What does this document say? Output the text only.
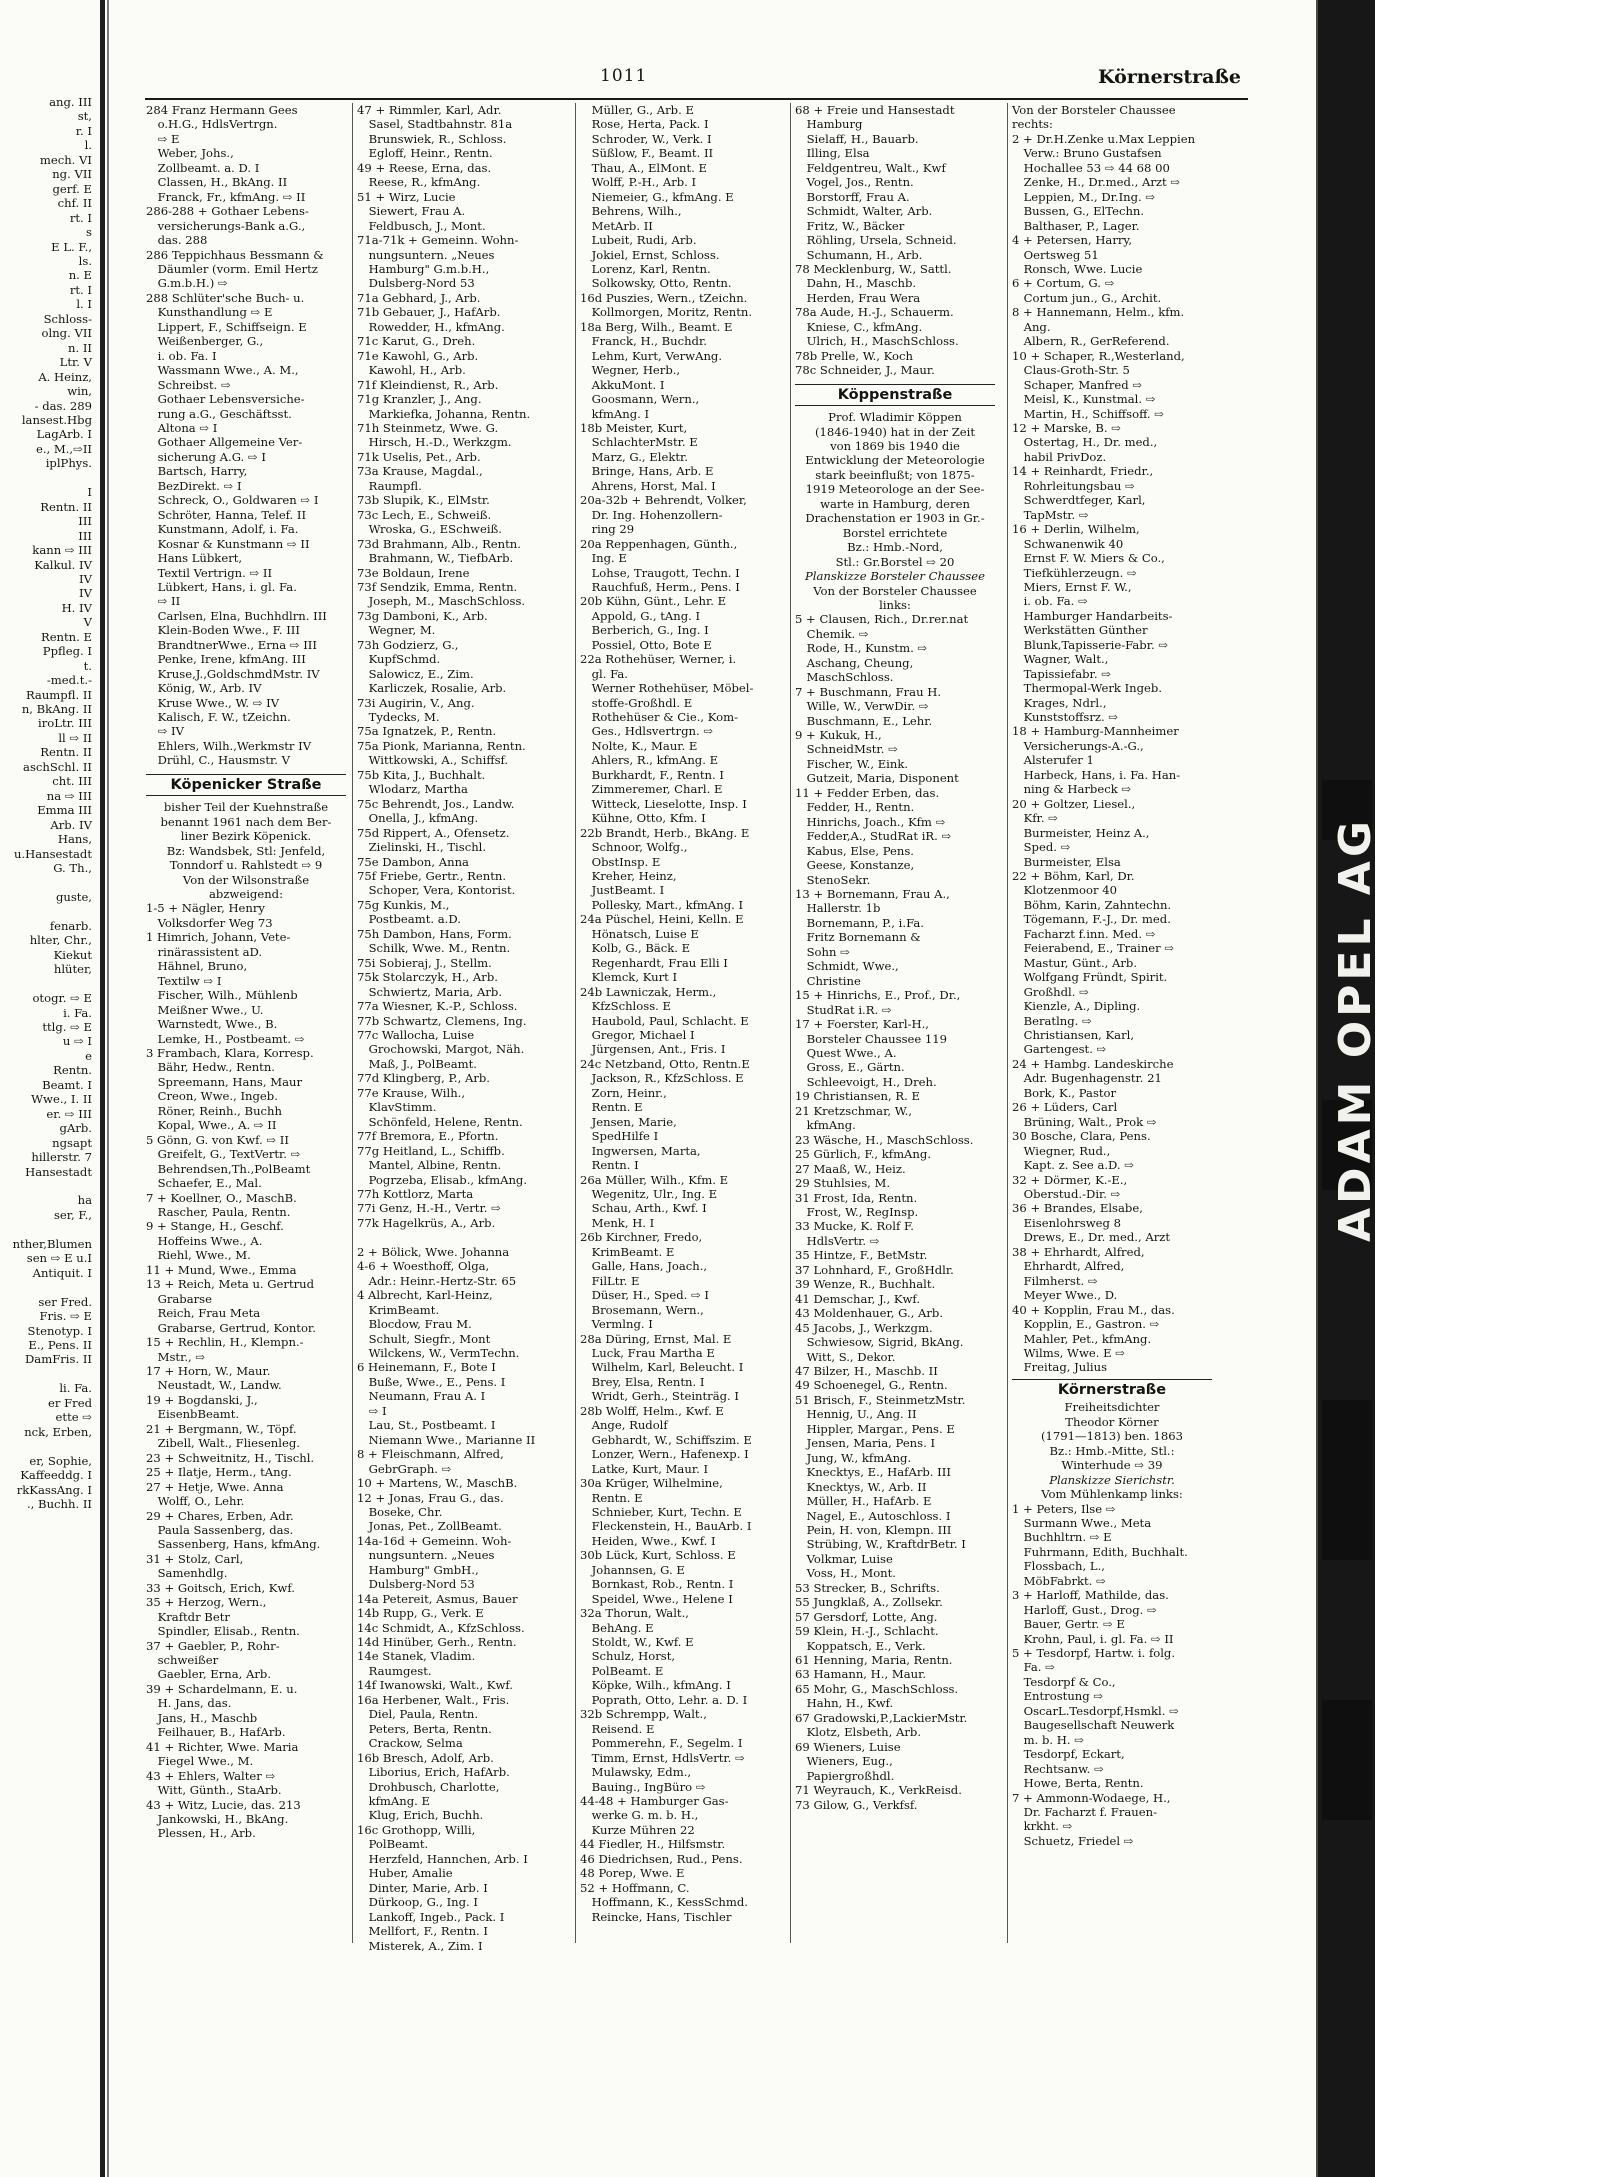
ang. III
st,
r. I
l.
mech. VI
ng. VII
gerf. E
chf. II
rt. I
s
E L. F.,
ls.
n. E
rt. I
l. I
Schloss-
olng. VII
n. II
Ltr. V
A. Heinz,
win,
- das. 289
lansest.Hbg
LagArb. I
e., M.,⇨II
iplPhys.

I
Rentn. II
III
III
kann ⇨ III
Kalkul. IV
IV
IV
H. IV
V
Rentn. E
Ppfleg. I
t.
-med.t.-
Raumpfl. II
n, BkAng. II
iroLtr. III
ll ⇨ II
Rentn. II
aschSchl. II
cht. III
na ⇨ III
Emma III
Arb. IV
Hans,
u.Hansestadt
G. Th.,

guste,

fenarb.
hlter, Chr.,
Kiekut
hlüter,

otogr. ⇨ E
i. Fa.
ttlg. ⇨ E
u ⇨ I
e
Rentn.
Beamt. I
Wwe., I. II
er. ⇨ III
gArb.
ngsapt
hillerstr. 7
Hansestadt

ha
ser, F.,

nther,Blumen
sen ⇨ E u.I
Antiquit. I

ser Fred.
Fris. ⇨ E
Stenotyp. I
E., Pens. II
DamFris. II

li. Fa.
er Fred
ette ⇨
nck, Erben,

er, Sophie,
Kaffeeddg. I
rkKassAng. I
., Buchh. II
1011	Körnerstraße
284 Franz Hermann Gees
 o.H.G., HdlsVertrgn.
 ⇨ E
 Weber, Johs.,
 Zollbeamt. a. D. I
 Classen, H., BkAng. II
 Franck, Fr., kfmAng. ⇨ II
286-288 + Gothaer Lebens-
 versicherungs-Bank a.G.,
 das. 288
286 Teppichhaus Bessmann &
 Däumler (vorm. Emil Hertz
 G.m.b.H.) ⇨
288 Schlüter'sche Buch- u.
 Kunsthandlung ⇨ E
 Lippert, F., Schiffseign. E
 Weißenberger, G.,
 i. ob. Fa. I
 Wassmann Wwe., A. M.,
 Schreibst. ⇨
 Gothaer Lebensversiche-
 rung a.G., Geschäftsst.
 Altona ⇨ I
 Gothaer Allgemeine Ver-
 sicherung A.G. ⇨ I
 Bartsch, Harry,
 BezDirekt. ⇨ I
 Schreck, O., Goldwaren ⇨ I
 Schröter, Hanna, Telef. II
 Kunstmann, Adolf, i. Fa.
 Kosnar & Kunstmann ⇨ II
 Hans Lübkert,
 Textil Vertrign. ⇨ II
 Lübkert, Hans, i. gl. Fa.
 ⇨ II
 Carlsen, Elna, Buchhdlrn. III
 Klein-Boden Wwe., F. III
 BrandtnerWwe., Erna ⇨ III
 Penke, Irene, kfmAng. III
 Kruse,J.,GoldschmdMstr. IV
 König, W., Arb. IV
 Kruse Wwe., W. ⇨ IV
 Kalisch, F. W., tZeichn.
 ⇨ IV
 Ehlers, Wilh.,Werkmstr IV
 Drühl, C., Hausmstr. V
Köpenicker Straße
bisher Teil der Kuehnstraße
benannt 1961 nach dem Ber-
liner Bezirk Köpenick.
Bz: Wandsbek, Stl: Jenfeld,
Tonndorf u. Rahlstedt ⇨ 9
Von der Wilsonstraße
abzweigend:
1-5 + Nägler, Henry
 Volksdorfer Weg 73
1 Himrich, Johann, Vete-
 rinärassistent aD.
 Hähnel, Bruno,
 Textilw ⇨ I
 Fischer, Wilh., Mühlenb
 Meißner Wwe., U.
 Warnstedt, Wwe., B.
 Lemke, H., Postbeamt. ⇨
3 Frambach, Klara, Korresp.
 Bähr, Hedw., Rentn.
 Spreemann, Hans, Maur
 Creon, Wwe., Ingeb.
 Röner, Reinh., Buchh
 Kopal, Wwe., A. ⇨ II
5 Gönn, G. von Kwf. ⇨ II
 Greifelt, G., TextVertr. ⇨
 Behrendsen,Th.,PolBeamt
 Schaefer, E., Mal.
7 + Koellner, O., MaschB.
 Rascher, Paula, Rentn.
9 + Stange, H., Geschf.
 Hoffeins Wwe., A.
 Riehl, Wwe., M.
11 + Mund, Wwe., Emma
13 + Reich, Meta u. Gertrud
 Grabarse
 Reich, Frau Meta
 Grabarse, Gertrud, Kontor.
15 + Rechlin, H., Klempn.-
 Mstr., ⇨
17 + Horn, W., Maur.
 Neustadt, W., Landw.
19 + Bogdanski, J.,
 EisenbBeamt.
21 + Bergmann, W., Töpf.
 Zibell, Walt., Fliesenleg.
23 + Schweitnitz, H., Tischl.
25 + Ilatje, Herm., tAng.
27 + Hetje, Wwe. Anna
 Wolff, O., Lehr.
29 + Chares, Erben, Adr.
 Paula Sassenberg, das.
 Sassenberg, Hans, kfmAng.
31 + Stolz, Carl,
 Samenhdlg.
33 + Goitsch, Erich, Kwf.
35 + Herzog, Wern.,
 Kraftdr Betr
 Spindler, Elisab., Rentn.
37 + Gaebler, P., Rohr-
 schweißer
 Gaebler, Erna, Arb.
39 + Schardelmann, E. u.
 H. Jans, das.
 Jans, H., Maschb
 Feilhauer, B., HafArb.
41 + Richter, Wwe. Maria
 Fiegel Wwe., M.
43 + Ehlers, Walter ⇨
 Witt, Günth., StaArb.
43 + Witz, Lucie, das. 213
 Jankowski, H., BkAng.
 Plessen, H., Arb.
47 + Rimmler, Karl, Adr.
 Sasel, Stadtbahnstr. 81a
 Brunswiek, R., Schloss.
 Egloff, Heinr., Rentn.
49 + Reese, Erna, das.
 Reese, R., kfmAng.
51 + Wirz, Lucie
 Siewert, Frau A.
 Feldbusch, J., Mont.
71a-71k + Gemeinn. Wohn-
 nungsuntern. „Neues
 Hamburg" G.m.b.H.,
 Dulsberg-Nord 53
71a Gebhard, J., Arb.
71b Gebauer, J., HafArb.
 Rowedder, H., kfmAng.
71c Karut, G., Dreh.
71e Kawohl, G., Arb.
 Kawohl, H., Arb.
71f Kleindienst, R., Arb.
71g Kranzler, J., Ang.
 Markiefka, Johanna, Rentn.
71h Steinmetz, Wwe. G.
 Hirsch, H.-D., Werkzgm.
71k Uselis, Pet., Arb.
73a Krause, Magdal.,
 Raumpfl.
73b Slupik, K., ElMstr.
73c Lech, E., Schweiß.
 Wroska, G., ESchweiß.
73d Brahmann, Alb., Rentn.
 Brahmann, W., TiefbArb.
73e Boldaun, Irene
73f Sendzik, Emma, Rentn.
 Joseph, M., MaschSchloss.
73g Damboni, K., Arb.
 Wegner, M.
73h Godzierz, G.,
 KupfSchmd.
 Salowicz, E., Zim.
 Karliczek, Rosalie, Arb.
73i Augirin, V., Ang.
 Tydecks, M.
75a Ignatzek, P., Rentn.
75a Pionk, Marianna, Rentn.
 Wittkowski, A., Schiffsf.
75b Kita, J., Buchhalt.
 Wlodarz, Martha
75c Behrendt, Jos., Landw.
 Onella, J., kfmAng.
75d Rippert, A., Ofensetz.
 Zielinski, H., Tischl.
75e Dambon, Anna
75f Friebe, Gertr., Rentn.
 Schoper, Vera, Kontorist.
75g Kunkis, M.,
 Postbeamt. a.D.
75h Dambon, Hans, Form.
 Schilk, Wwe. M., Rentn.
75i Sobieraj, J., Stellm.
75k Stolarczyk, H., Arb.
 Schwiertz, Maria, Arb.
77a Wiesner, K.-P., Schloss.
77b Schwartz, Clemens, Ing.
77c Wallocha, Luise
 Grochowski, Margot, Näh.
 Maß, J., PolBeamt.
77d Klingberg, P., Arb.
77e Krause, Wilh.,
 KlavStimm.
 Schönfeld, Helene, Rentn.
77f Bremora, E., Pfortn.
77g Heitland, L., Schiffb.
 Mantel, Albine, Rentn.
 Pogrzeba, Elisab., kfmAng.
77h Kottlorz, Marta
77i Genz, H.-H., Vertr. ⇨
77k Hagelkrüs, A., Arb.

2 + Bölick, Wwe. Johanna
4-6 + Woesthoff, Olga,
 Adr.: Heinr.-Hertz-Str. 65
4 Albrecht, Karl-Heinz,
 KrimBeamt.
 Blocdow, Frau M.
 Schult, Siegfr., Mont
 Wilckens, W., VermTechn.
6 Heinemann, F., Bote I
 Buße, Wwe., E., Pens. I
 Neumann, Frau A. I
 ⇨ I
 Lau, St., Postbeamt. I
 Niemann Wwe., Marianne II
8 + Fleischmann, Alfred,
 GebrGraph. ⇨
10 + Martens, W., MaschB.
12 + Jonas, Frau G., das.
 Boseke, Chr.
 Jonas, Pet., ZollBeamt.
14a-16d + Gemeinn. Woh-
 nungsuntern. „Neues
 Hamburg" GmbH.,
 Dulsberg-Nord 53
14a Petereit, Asmus, Bauer
14b Rupp, G., Verk. E
14c Schmidt, A., KfzSchloss.
14d Hinüber, Gerh., Rentn.
14e Stanek, Vladim.
 Raumgest.
14f Iwanowski, Walt., Kwf.
16a Herbener, Walt., Fris.
 Diel, Paula, Rentn.
 Peters, Berta, Rentn.
 Crackow, Selma
16b Bresch, Adolf, Arb.
 Liborius, Erich, HafArb.
 Drohbusch, Charlotte,
 kfmAng. E
 Klug, Erich, Buchh.
16c Grothopp, Willi,
 PolBeamt.
 Herzfeld, Hannchen, Arb. I
 Huber, Amalie
 Dinter, Marie, Arb. I
 Dürkoop, G., Ing. I
 Lankoff, Ingeb., Pack. I
 Mellfort, F., Rentn. I
 Misterek, A., Zim. I
 Müller, G., Arb. E
 Rose, Herta, Pack. I
 Schroder, W., Verk. I
 Süßlow, F., Beamt. II
 Thau, A., ElMont. E
 Wolff, P.-H., Arb. I
 Niemeier, G., kfmAng. E
 Behrens, Wilh.,
 MetArb. II
 Lubeit, Rudi, Arb.
 Jokiel, Ernst, Schloss.
 Lorenz, Karl, Rentn.
 Solkowsky, Otto, Rentn.
16d Puszies, Wern., tZeichn.
 Kollmorgen, Moritz, Rentn.
18a Berg, Wilh., Beamt. E
 Franck, H., Buchdr.
 Lehm, Kurt, VerwAng.
 Wegner, Herb.,
 AkkuMont. I
 Goosmann, Wern.,
 kfmAng. I
18b Meister, Kurt,
 SchlachterMstr. E
 Marz, G., Elektr.
 Bringe, Hans, Arb. E
 Ahrens, Horst, Mal. I
20a-32b + Behrendt, Volker,
 Dr. Ing. Hohenzollern-
 ring 29
20a Reppenhagen, Günth.,
 Ing. E
 Lohse, Traugott, Techn. I
 Rauchfuß, Herm., Pens. I
20b Kühn, Günt., Lehr. E
 Appold, G., tAng. I
 Berberich, G., Ing. I
 Possiel, Otto, Bote E
22a Rothehüser, Werner, i.
 gl. Fa.
 Werner Rothehüser, Möbel-
 stoffe-Großhdl. E
 Rothehüser & Cie., Kom-
 Ges., Hdlsvertrgn. ⇨
 Nolte, K., Maur. E
 Ahlers, R., kfmAng. E
 Burkhardt, F., Rentn. I
 Zimmeremer, Charl. E
 Witteck, Lieselotte, Insp. I
 Kühne, Otto, Kfm. I
22b Brandt, Herb., BkAng. E
 Schnoor, Wolfg.,
 ObstInsp. E
 Kreher, Heinz,
 JustBeamt. I
 Pollesky, Mart., kfmAng. I
24a Püschel, Heini, Kelln. E
 Hönatsch, Luise E
 Kolb, G., Bäck. E
 Regenhardt, Frau Elli I
 Klemck, Kurt I
24b Lawniczak, Herm.,
 KfzSchloss. E
 Haubold, Paul, Schlacht. E
 Gregor, Michael I
 Jürgensen, Ant., Fris. I
24c Netzband, Otto, Rentn.E
 Jackson, R., KfzSchloss. E
 Zorn, Heinr.,
 Rentn. E
 Jensen, Marie,
 SpedHilfe I
 Ingwersen, Marta,
 Rentn. I
26a Müller, Wilh., Kfm. E
 Wegenitz, Ulr., Ing. E
 Schau, Arth., Kwf. I
 Menk, H. I
26b Kirchner, Fredo,
 KrimBeamt. E
 Galle, Hans, Joach.,
 FilLtr. E
 Düser, H., Sped. ⇨ I
 Brosemann, Wern.,
 Vermlng. I
28a Düring, Ernst, Mal. E
 Luck, Frau Martha E
 Wilhelm, Karl, Beleucht. I
 Brey, Elsa, Rentn. I
 Wridt, Gerh., Steinträg. I
28b Wolff, Helm., Kwf. E
 Ange, Rudolf
 Gebhardt, W., Schiffszim. E
 Lonzer, Wern., Hafenexp. I
 Latke, Kurt, Maur. I
30a Krüger, Wilhelmine,
 Rentn. E
 Schnieber, Kurt, Techn. E
 Fleckenstein, H., BauArb. I
 Heiden, Wwe., Kwf. I
30b Lück, Kurt, Schloss. E
 Johannsen, G. E
 Bornkast, Rob., Rentn. I
 Speidel, Wwe., Helene I
32a Thorun, Walt.,
 BehAng. E
 Stoldt, W., Kwf. E
 Schulz, Horst,
 PolBeamt. E
 Köpke, Wilh., kfmAng. I
 Poprath, Otto, Lehr. a. D. I
32b Schrempp, Walt.,
 Reisend. E
 Pommerehn, F., Segelm. I
 Timm, Ernst, HdlsVertr. ⇨
 Mulawsky, Edm.,
 Bauing., IngBüro ⇨
44-48 + Hamburger Gas-
 werke G. m. b. H.,
 Kurze Mühren 22
44 Fiedler, H., Hilfsmstr.
46 Diedrichsen, Rud., Pens.
48 Porep, Wwe. E
52 + Hoffmann, C.
 Hoffmann, K., KessSchmd.
 Reincke, Hans, Tischler
68 + Freie und Hansestadt
 Hamburg
 Sielaff, H., Bauarb.
 Illing, Elsa
 Feldgentreu, Walt., Kwf
 Vogel, Jos., Rentn.
 Borstorff, Frau A.
 Schmidt, Walter, Arb.
 Fritz, W., Bäcker
 Röhling, Ursela, Schneid.
 Schumann, H., Arb.
78 Mecklenburg, W., Sattl.
 Dahn, H., Maschb.
 Herden, Frau Wera
78a Aude, H.-J., Schauerm.
 Kniese, C., kfmAng.
 Ulrich, H., MaschSchloss.
78b Prelle, W., Koch
78c Schneider, J., Maur.
Köppenstraße
Prof. Wladimir Köppen
(1846-1940) hat in der Zeit
von 1869 bis 1940 die
Entwicklung der Meteorologie
stark beeinflußt; von 1875-
1919 Meteorologe an der See-
warte in Hamburg, deren
Drachenstation er 1903 in Gr.-
Borstel errichtete
Bz.: Hmb.-Nord,
Stl.: Gr.Borstel ⇨ 20
Planskizze Borsteler Chaussee
Von der Borsteler Chaussee
links:
5 + Clausen, Rich., Dr.rer.nat
 Chemik. ⇨
 Rode, H., Kunstm. ⇨
 Aschang, Cheung,
 MaschSchloss.
7 + Buschmann, Frau H.
 Wille, W., VerwDir. ⇨
 Buschmann, E., Lehr.
9 + Kukuk, H.,
 SchneidMstr. ⇨
 Fischer, W., Eink.
 Gutzeit, Maria, Disponent
11 + Fedder Erben, das.
 Fedder, H., Rentn.
 Hinrichs, Joach., Kfm ⇨
 Fedder,A., StudRat iR. ⇨
 Kabus, Else, Pens.
 Geese, Konstanze,
 StenoSekr.
13 + Bornemann, Frau A.,
 Hallerstr. 1b
 Bornemann, P., i.Fa.
 Fritz Bornemann &
 Sohn ⇨
 Schmidt, Wwe.,
 Christine
15 + Hinrichs, E., Prof., Dr.,
 StudRat i.R. ⇨
17 + Foerster, Karl-H.,
 Borsteler Chaussee 119
 Quest Wwe., A.
 Gross, E., Gärtn.
 Schleevoigt, H., Dreh.
19 Christiansen, R. E
21 Kretzschmar, W.,
 kfmAng.
23 Wäsche, H., MaschSchloss.
25 Gürlich, F., kfmAng.
27 Maaß, W., Heiz.
29 Stuhlsies, M.
31 Frost, Ida, Rentn.
 Frost, W., RegInsp.
33 Mucke, K. Rolf F.
 HdlsVertr. ⇨
35 Hintze, F., BetMstr.
37 Lohnhard, F., GroßHdlr.
39 Wenze, R., Buchhalt.
41 Demschar, J., Kwf.
43 Moldenhauer, G., Arb.
45 Jacobs, J., Werkzgm.
 Schwiesow, Sigrid, BkAng.
 Witt, S., Dekor.
47 Bilzer, H., Maschb. II
49 Schoenegel, G., Rentn.
51 Brisch, F., SteinmetzMstr.
 Hennig, U., Ang. II
 Hippler, Margar., Pens. E
 Jensen, Maria, Pens. I
 Jung, W., kfmAng.
 Knecktys, E., HafArb. III
 Knecktys, W., Arb. II
 Müller, H., HafArb. E
 Nagel, E., Autoschloss. I
 Pein, H. von, Klempn. III
 Strübing, W., KraftdrBetr. I
 Volkmar, Luise
 Voss, H., Mont.
53 Strecker, B., Schrifts.
55 Jungklaß, A., Zollsekr.
57 Gersdorf, Lotte, Ang.
59 Klein, H.-J., Schlacht.
 Koppatsch, E., Verk.
61 Henning, Maria, Rentn.
63 Hamann, H., Maur.
65 Mohr, G., MaschSchloss.
 Hahn, H., Kwf.
67 Gradowski,P.,LackierMstr.
 Klotz, Elsbeth, Arb.
69 Wieners, Luise
 Wieners, Eug.,
 Papiergroßhdl.
71 Weyrauch, K., VerkReisd.
73 Gilow, G., Verkfsf.
Von der Borsteler Chaussee
rechts:
2 + Dr.H.Zenke u.Max Leppien
 Verw.: Bruno Gustafsen
 Hochallee 53 ⇨ 44 68 00
 Zenke, H., Dr.med., Arzt ⇨
 Leppien, M., Dr.Ing. ⇨
 Bussen, G., ElTechn.
 Balthaser, P., Lager.
4 + Petersen, Harry,
 Oertsweg 51
 Ronsch, Wwe. Lucie
6 + Cortum, G. ⇨
 Cortum jun., G., Archit.
8 + Hannemann, Helm., kfm.
 Ang.
 Albern, R., GerReferend.
10 + Schaper, R.,Westerland,
 Claus-Groth-Str. 5
 Schaper, Manfred ⇨
 Meisl, K., Kunstmal. ⇨
 Martin, H., Schiffsoff. ⇨
12 + Marske, B. ⇨
 Ostertag, H., Dr. med.,
 habil PrivDoz.
14 + Reinhardt, Friedr.,
 Rohrleitungsbau ⇨
 Schwerdtfeger, Karl,
 TapMstr. ⇨
16 + Derlin, Wilhelm,
 Schwanenwik 40
 Ernst F. W. Miers & Co.,
 Tiefkühlerzeugn. ⇨
 Miers, Ernst F. W.,
 i. ob. Fa. ⇨
 Hamburger Handarbeits-
 Werkstätten Günther
 Blunk,Tapisserie-Fabr. ⇨
 Wagner, Walt.,
 Tapissiefabr. ⇨
 Thermopal-Werk Ingeb.
 Krages, Ndrl.,
 Kunststoffsrz. ⇨
18 + Hamburg-Mannheimer
 Versicherungs-A.-G.,
 Alsterufer 1
 Harbeck, Hans, i. Fa. Han-
 ning & Harbeck ⇨
20 + Goltzer, Liesel.,
 Kfr. ⇨
 Burmeister, Heinz A.,
 Sped. ⇨
 Burmeister, Elsa
22 + Böhm, Karl, Dr.
 Klotzenmoor 40
 Böhm, Karin, Zahntechn.
 Tögemann, F.-J., Dr. med.
 Facharzt f.inn. Med. ⇨
 Feierabend, E., Trainer ⇨
 Mastur, Günt., Arb.
 Wolfgang Fründt, Spirit.
 Großhdl. ⇨
 Kienzle, A., Dipling.
 Beratlng. ⇨
 Christiansen, Karl,
 Gartengest. ⇨
24 + Hambg. Landeskirche
 Adr. Bugenhagenstr. 21
 Bork, K., Pastor
26 + Lüders, Carl
 Brüning, Walt., Prok ⇨
30 Bosche, Clara, Pens.
 Wiegner, Rud.,
 Kapt. z. See a.D. ⇨
32 + Dörmer, K.-E.,
 Oberstud.-Dir. ⇨
36 + Brandes, Elsabe,
 Eisenlohrsweg 8
 Drews, E., Dr. med., Arzt
38 + Ehrhardt, Alfred,
 Ehrhardt, Alfred,
 Filmherst. ⇨
 Meyer Wwe., D.
40 + Kopplin, Frau M., das.
 Kopplin, E., Gastron. ⇨
 Mahler, Pet., kfmAng.
 Wilms, Wwe. E ⇨
 Freitag, Julius
Körnerstraße
Freiheitsdichter
Theodor Körner
(1791—1813) ben. 1863
Bz.: Hmb.-Mitte, Stl.:
Winterhude ⇨ 39
Planskizze Sierichstr.
Vom Mühlenkamp links:
1 + Peters, Ilse ⇨
 Surmann Wwe., Meta
 Buchhltrn. ⇨ E
 Fuhrmann, Edith, Buchhalt.
 Flossbach, L.,
 MöbFabrkt. ⇨
3 + Harloff, Mathilde, das.
 Harloff, Gust., Drog. ⇨
 Bauer, Gertr. ⇨ E
 Krohn, Paul, i. gl. Fa. ⇨ II
5 + Tesdorpf, Hartw. i. folg.
 Fa. ⇨
 Tesdorpf & Co.,
 Entrostung ⇨
 OscarL.Tesdorpf,Hsmkl. ⇨
 Baugesellschaft Neuwerk
 m. b. H. ⇨
 Tesdorpf, Eckart,
 Rechtsanw. ⇨
 Howe, Berta, Rentn.
7 + Ammonn-Wodaege, H.,
 Dr. Facharzt f. Frauen-
 krkht. ⇨
 Schuetz, Friedel ⇨
ADAM OPEL AG
